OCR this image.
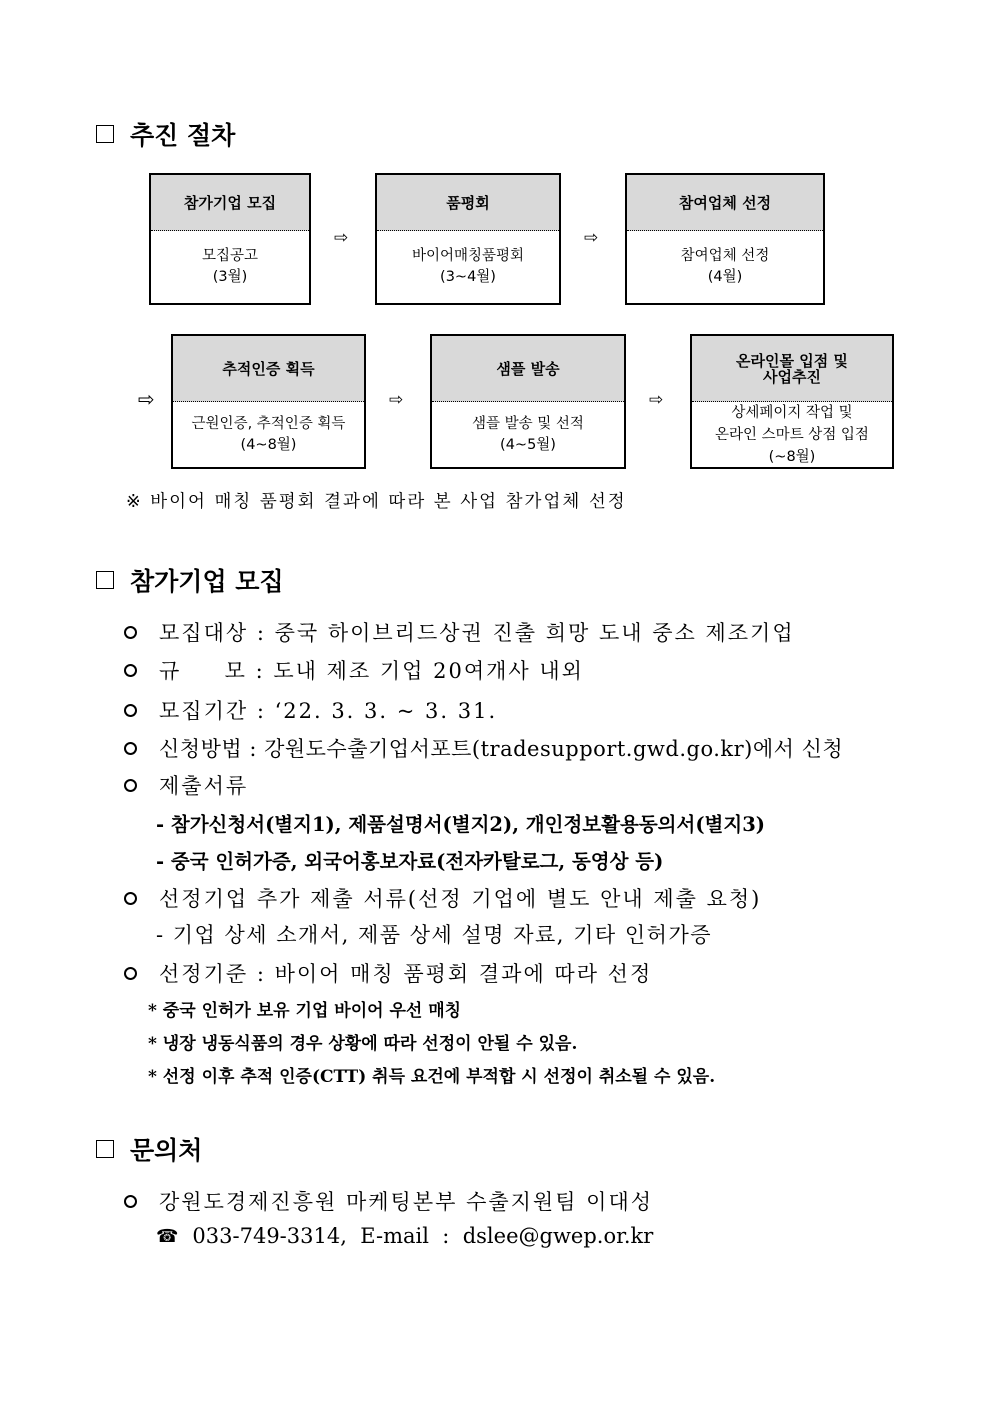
추진 절차
참가기업 모집
모집공고
(3월)
⇨
품평회
바이어매칭품평회
(3~4월)
⇨
참여업체 선정
참여업체 선정
(4월)
⇨
추적인증 획득
근원인증, 추적인증 획득
(4~8월)
⇨
샘플 발송
샘플 발송 및 선적
(4~5월)
⇨
온라인몰 입점 및
사업추진
상세페이지 작업 및
온라인 스마트 상점 입점
(~8월)
※ 바이어 매칭 품평회 결과에 따라 본 사업 참가업체 선정
참가기업 모집
모집대상 : 중국 하이브리드상권 진출 희망 도내 중소 제조기업
규     모 : 도내 제조 기업 20여개사 내외
모집기간 : ‘22. 3. 3. ~ 3. 31.
신청방법 : 강원도수출기업서포트(tradesupport.gwd.go.kr)에서 신청
제출서류
- 참가신청서(별지1), 제품설명서(별지2), 개인정보활용동의서(별지3)
- 중국 인허가증, 외국어홍보자료(전자카탈로그, 동영상 등)
선정기업 추가 제출 서류(선정 기업에 별도 안내 제출 요청)
- 기업 상세 소개서, 제품 상세 설명 자료, 기타 인허가증
선정기준 : 바이어 매칭 품평회 결과에 따라 선정
* 중국 인허가 보유 기업 바이어 우선 매칭
* 냉장 냉동식품의 경우 상황에 따라 선정이 안될 수 있음.
* 선정 이후 추적 인증(CTT) 취득 요건에 부적합 시 선정이 취소될 수 있음.
문의처
강원도경제진흥원 마케팅본부 수출지원팀 이대성
☎ 033-749-3314,  E-mail  :  dslee@gwep.or.kr
